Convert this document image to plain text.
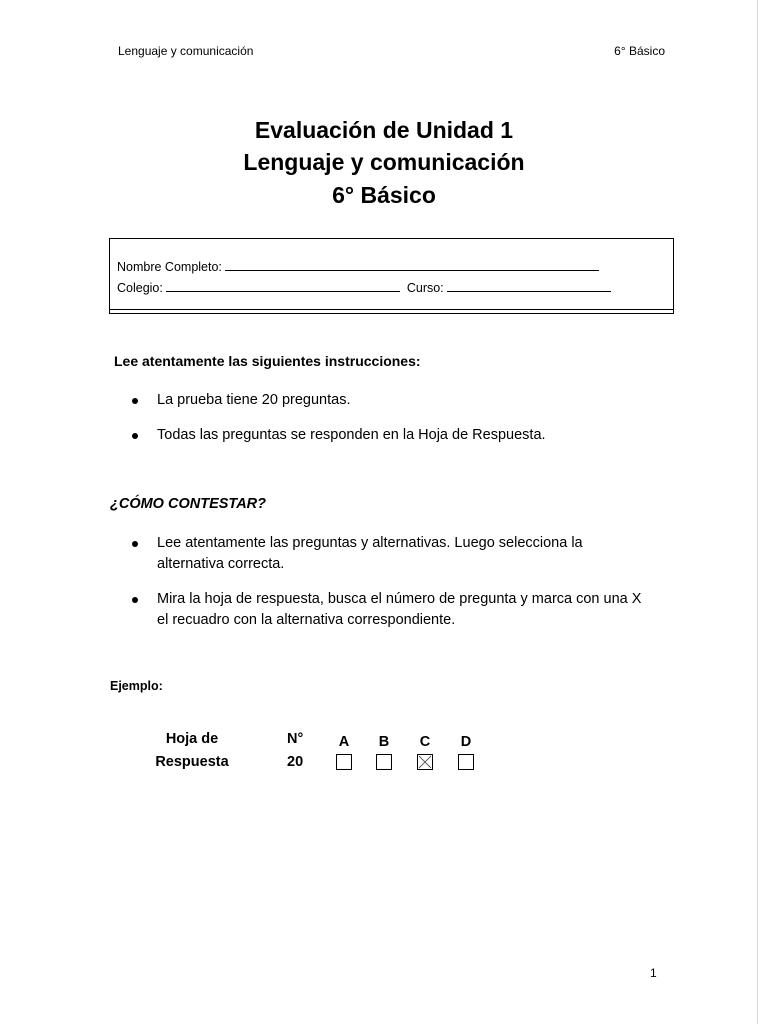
Lenguaje y comunicación	6° Básico
Evaluación de Unidad 1
Lenguaje y comunicación
6° Básico
Nombre Completo:
Colegio:	Curso:
Lee atentamente las siguientes instrucciones:
La prueba tiene 20 preguntas.
Todas las preguntas se responden en la Hoja de Respuesta.
¿CÓMO CONTESTAR?
Lee atentamente las preguntas y alternativas. Luego selecciona la alternativa correcta.
Mira la hoja de respuesta, busca el número de pregunta y marca con una X el recuadro con la alternativa correspondiente.
Ejemplo:
Hoja de
Respuesta
N°
20
A B C D
1
